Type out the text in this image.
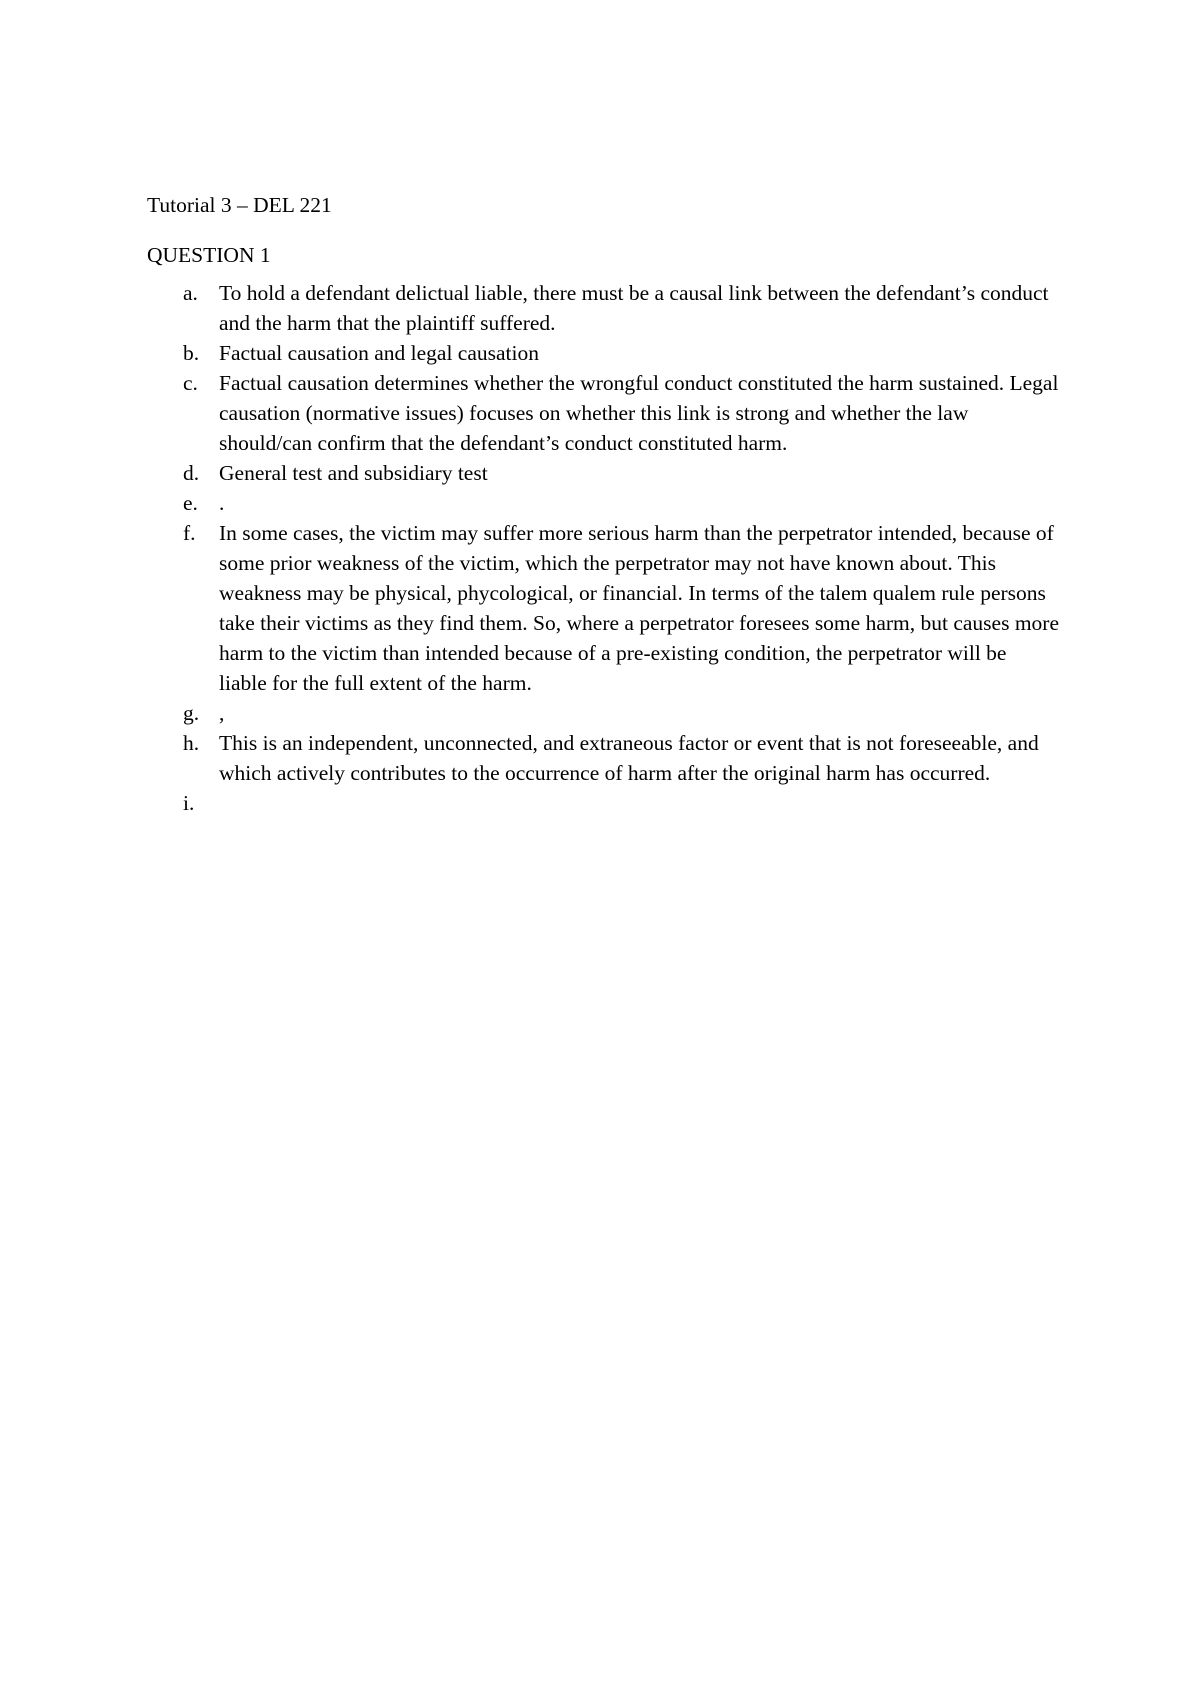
Tutorial 3 – DEL 221

QUESTION 1

a. To hold a defendant delictual liable, there must be a causal link between the defendant’s conduct and the harm that the plaintiff suffered.
b. Factual causation and legal causation
c. Factual causation determines whether the wrongful conduct constituted the harm sustained. Legal causation (normative issues) focuses on whether this link is strong and whether the law should/can confirm that the defendant’s conduct constituted harm.
d. General test and subsidiary test
e. .
f. In some cases, the victim may suffer more serious harm than the perpetrator intended, because of some prior weakness of the victim, which the perpetrator may not have known about. This weakness may be physical, phycological, or financial. In terms of the talem qualem rule persons take their victims as they find them. So, where a perpetrator foresees some harm, but causes more harm to the victim than intended because of a pre-existing condition, the perpetrator will be liable for the full extent of the harm.
g. ,
h. This is an independent, unconnected, and extraneous factor or event that is not foreseeable, and which actively contributes to the occurrence of harm after the original harm has occurred.
i.
